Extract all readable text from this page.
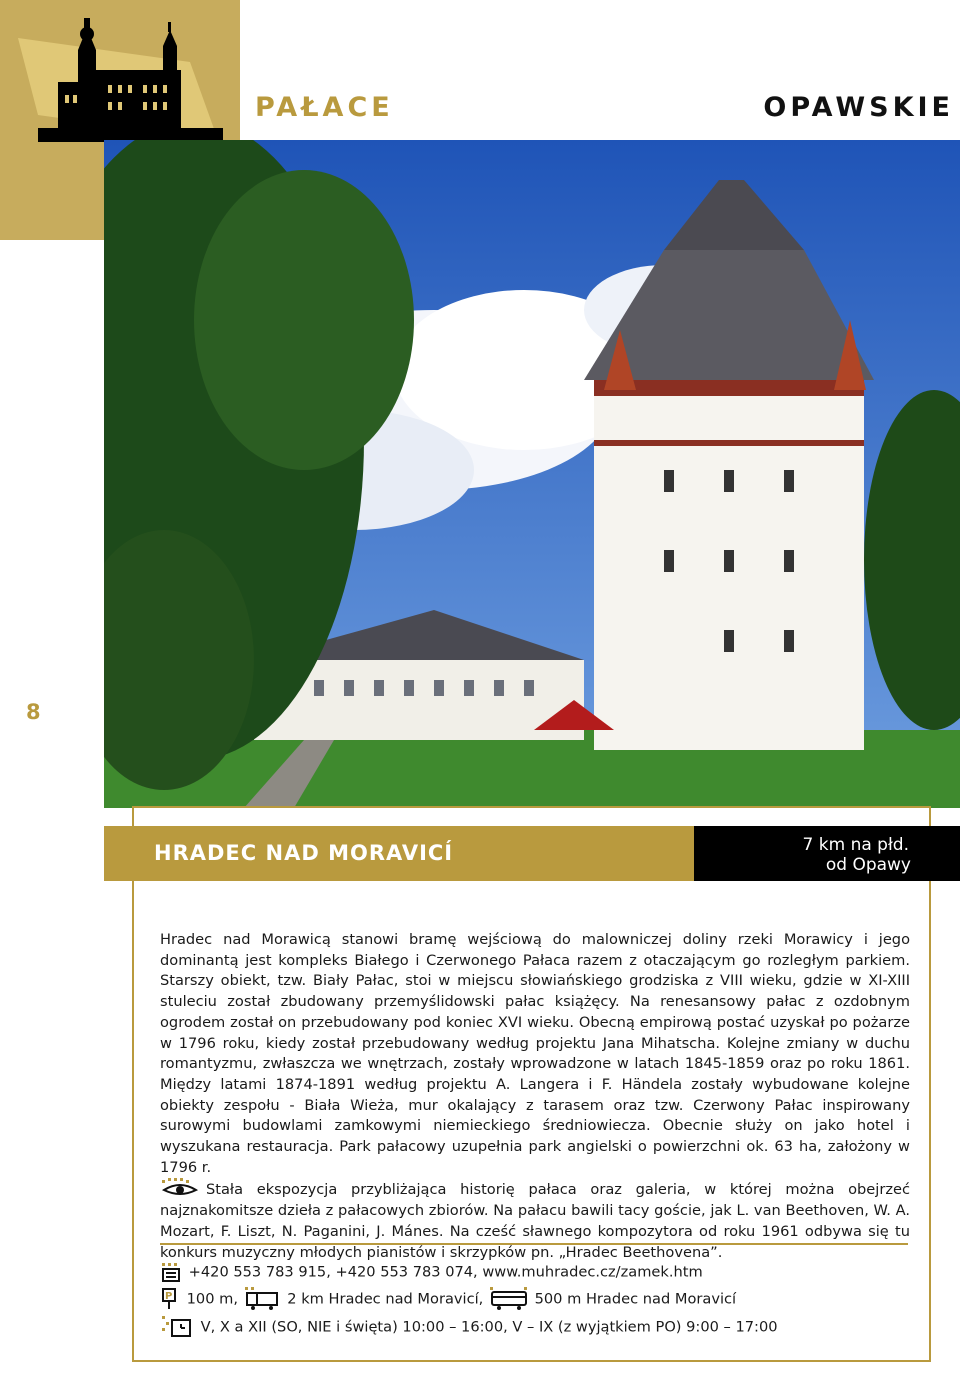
PAŁACE	OPAWSKIE
8
HRADEC NAD MORAVICÍ	7 km na płd.
od Opawy

Hradec nad Morawicą stanowi bramę wejściową do malowniczej doliny rzeki Morawicy i jego dominantą jest kompleks Białego i Czerwonego Pałaca razem z otaczającym go rozległym parkiem. Starszy obiekt, tzw. Biały Pałac, stoi w miejscu słowiańskiego grodziska z VIII wieku, gdzie w XI-XIII stuleciu został zbudowany przemyślidowski pałac książęcy. Na renesansowy pałac z ozdobnym ogrodem został on przebudowany pod koniec XVI wieku. Obecną empirową postać uzyskał po pożarze w 1796 roku, kiedy został przebudowany według projektu Jana Mihatscha. Kolejne zmiany w duchu romantyzmu, zwłaszcza we wnętrzach, zostały wprowadzone w latach 1845-1859 oraz po roku 1861. Między latami 1874-1891 według projektu A. Langera i F. Händela zostały wybudowane kolejne obiekty zespołu - Biała Wieża, mur okalający z tarasem oraz tzw. Czerwony Pałac inspirowany surowymi budowlami zamkowymi niemieckiego średniowiecza. Obecnie służy on jako hotel i wyszukana restauracja. Park pałacowy uzupełnia park angielski o powierzchni ok. 63 ha, założony w 1796 r.

Stała ekspozycja przybliżająca historię pałaca oraz galeria, w której można obejrzeć najznakomitsze dzieła z pałacowych zbiorów. Na pałacu bawili tacy goście, jak L. van Beethoven, W. A. Mozart, F. Liszt, N. Paganini, J. Mánes. Na cześć sławnego kompozytora od roku 1961 odbywa się tu konkurs muzyczny młodych pianistów i skrzypków pn. „Hradec Beethovena”.

+420 553 783 915, +420 553 783 074, www.muhradec.cz/zamek.htm
P 100 m,	2 km Hradec nad Moravicí,	500 m Hradec nad Moravicí
V, X a XII (SO, NIE i święta) 10:00 – 16:00, V – IX (z wyjątkiem PO) 9:00 – 17:00
